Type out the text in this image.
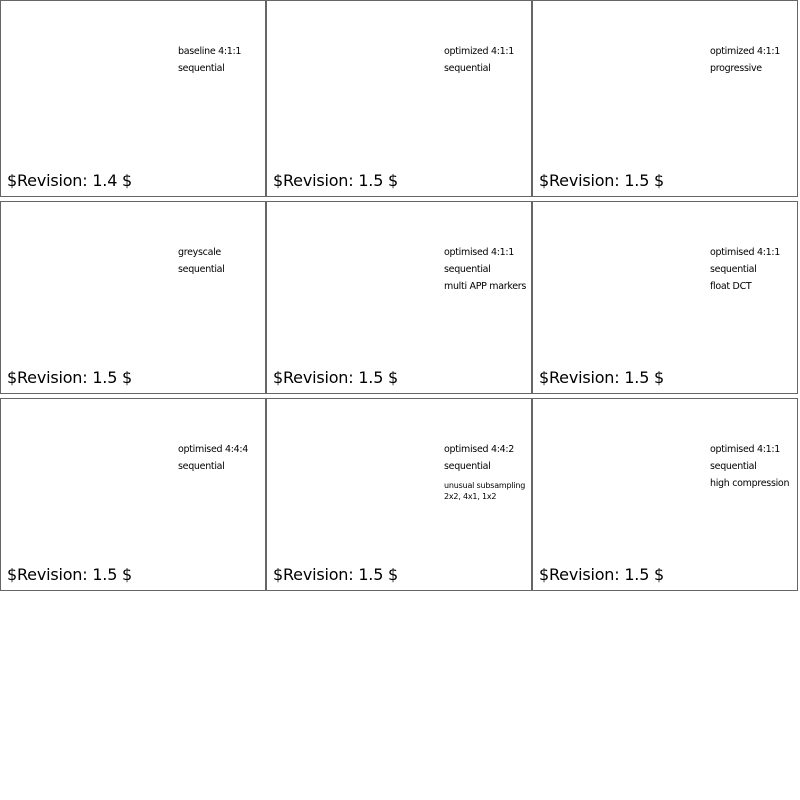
baseline 4:1:1
sequential
$Revision: 1.4 $
optimized 4:1:1
sequential
$Revision: 1.5 $
optimized 4:1:1
progressive
$Revision: 1.5 $
greyscale
sequential
$Revision: 1.5 $
optimised 4:1:1
sequential
multi APP markers
$Revision: 1.5 $
optimised 4:1:1
sequential
float DCT
$Revision: 1.5 $
optimised 4:4:4
sequential
$Revision: 1.5 $
optimised 4:4:2
sequential
unusual subsampling
2x2, 4x1, 1x2
$Revision: 1.5 $
optimised 4:1:1
sequential
high compression
$Revision: 1.5 $
